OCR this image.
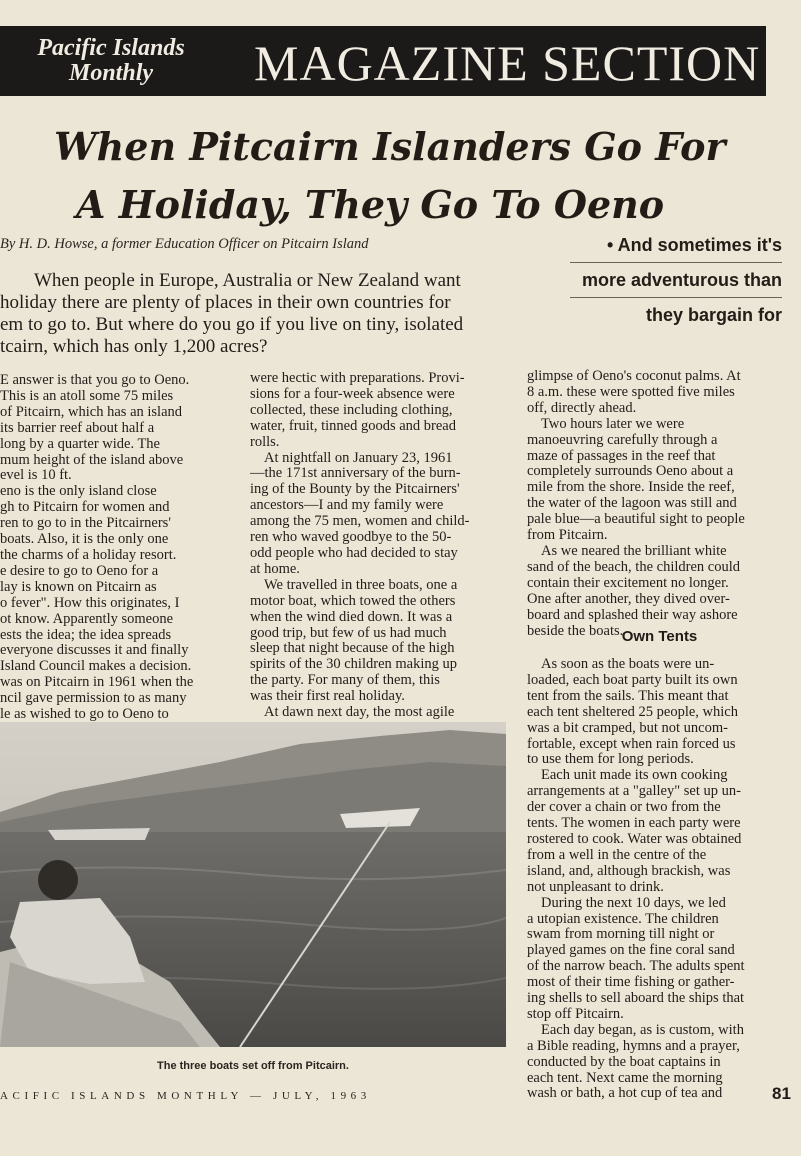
Pacific Islands
Monthly	MAGAZINE SECTION
When Pitcairn Islanders Go For
A Holiday, They Go To Oeno
By H. D. Howse, a former Education Officer on Pitcairn Island	• And sometimes it's
more adventurous than
they bargain for
When people in Europe, Australia or New Zealand want
holiday there are plenty of places in their own countries for
em to go to. But where do you go if you live on tiny, isolated
tcairn, which has only 1,200 acres?
E answer is that you go to Oeno.
This is an atoll some 75 miles
of Pitcairn, which has an island
its barrier reef about half a
long by a quarter wide. The
mum height of the island above
evel is 10 ft.
eno is the only island close
gh to Pitcairn for women and
ren to go to in the Pitcairners'
boats. Also, it is the only one
the charms of a holiday resort.
e desire to go to Oeno for a
lay is known on Pitcairn as
o fever". How this originates, I
ot know. Apparently someone
ests the idea; the idea spreads
everyone discusses it and finally
Island Council makes a decision.
was on Pitcairn in 1961 when the
ncil gave permission to as many
le as wished to go to Oeno to
were hectic with preparations. Provi-
sions for a four-week absence were
collected, these including clothing,
water, fruit, tinned goods and bread
rolls.
At nightfall on January 23, 1961
—the 171st anniversary of the burn-
ing of the Bounty by the Pitcairners'
ancestors—I and my family were
among the 75 men, women and child-
ren who waved goodbye to the 50-
odd people who had decided to stay
at home.
We travelled in three boats, one a
motor boat, which towed the others
when the wind died down. It was a
good trip, but few of us had much
sleep that night because of the high
spirits of the 30 children making up
the party. For many of them, this
was their first real holiday.
At dawn next day, the most agile
glimpse of Oeno's coconut palms. At
8 a.m. these were spotted five miles
off, directly ahead.
Two hours later we were
manoeuvring carefully through a
maze of passages in the reef that
completely surrounds Oeno about a
mile from the shore. Inside the reef,
the water of the lagoon was still and
pale blue—a beautiful sight to people
from Pitcairn.
As we neared the brilliant white
sand of the beach, the children could
contain their excitement no longer.
One after another, they dived over-
board and splashed their way ashore
beside the boats.
Own Tents
As soon as the boats were un-
loaded, each boat party built its own
tent from the sails. This meant that
each tent sheltered 25 people, which
was a bit cramped, but not uncom-
fortable, except when rain forced us
to use them for long periods.
Each unit made its own cooking
arrangements at a "galley" set up un-
der cover a chain or two from the
tents. The women in each party were
rostered to cook. Water was obtained
from a well in the centre of the
island, and, although brackish, was
not unpleasant to drink.
During the next 10 days, we led
a utopian existence. The children
swam from morning till night or
played games on the fine coral sand
of the narrow beach. The adults spent
most of their time fishing or gather-
ing shells to sell aboard the ships that
stop off Pitcairn.
Each day began, as is custom, with
a Bible reading, hymns and a prayer,
conducted by the boat captains in
each tent. Next came the morning
wash or bath, a hot cup of tea and
The three boats set off from Pitcairn.
ACIFIC ISLANDS MONTHLY — JULY, 1963	81
